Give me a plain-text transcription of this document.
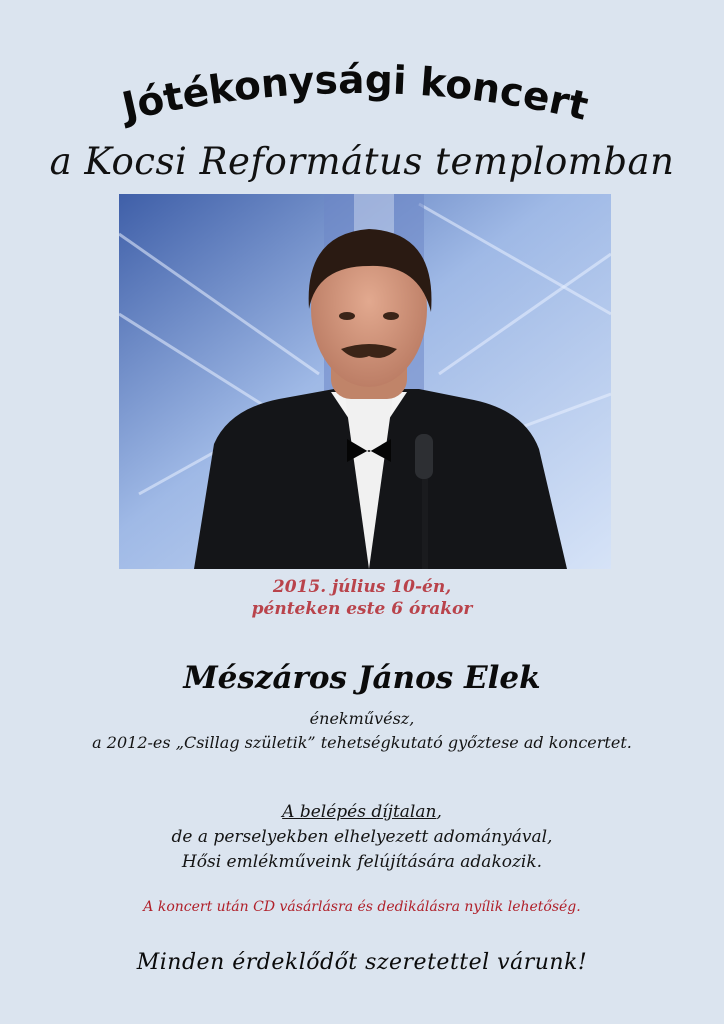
Jótékonysági koncert
a Kocsi Református templomban
2015. július 10-én,
pénteken este 6 órakor
Mészáros János Elek
énekművész,
a 2012-es „Csillag születik” tehetségkutató győztese ad koncertet.
A belépés díjtalan,
de a perselyekben elhelyezett adományával,
Hősi emlékműveink felújítására adakozik.
A koncert után CD vásárlásra és dedikálásra nyílik lehetőség.
Minden érdeklődőt szeretettel várunk!
